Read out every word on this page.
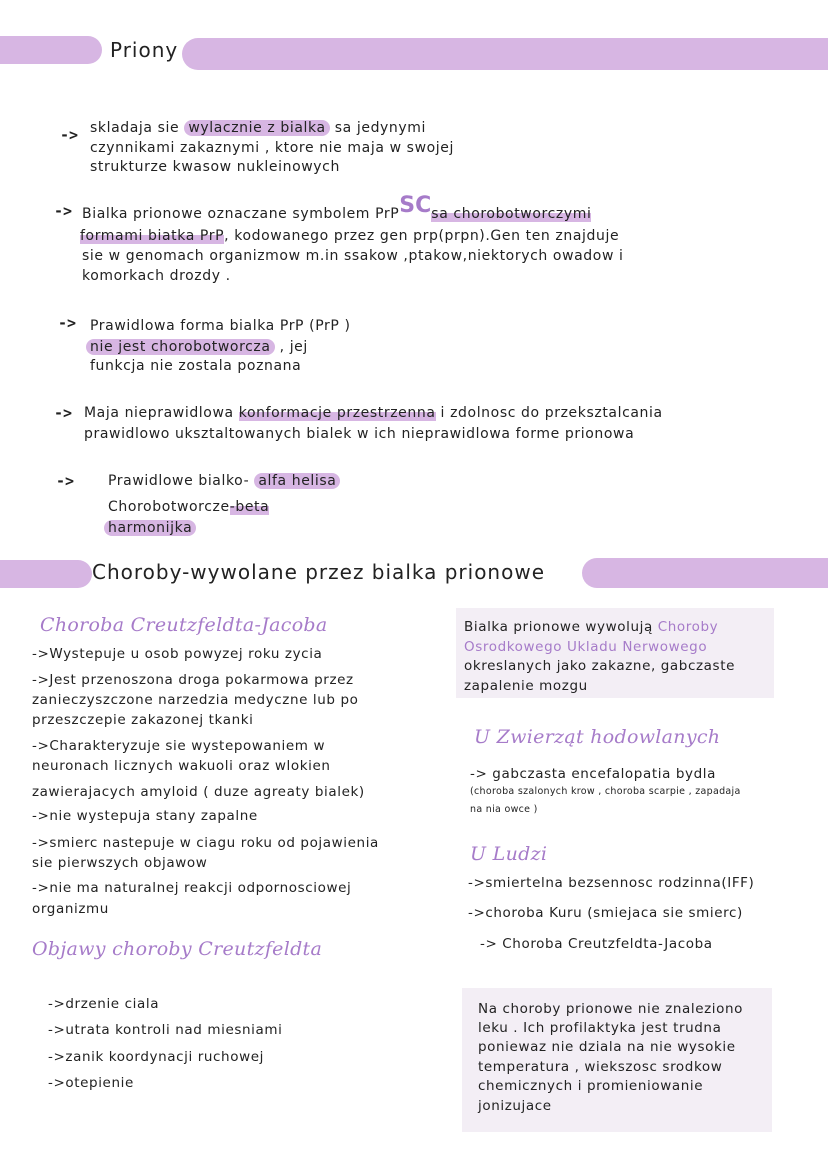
Priony
-> skladaja sie wylacznie z bialka sa jedynymi
czynnikami zakaznymi , ktore nie maja w swojej
strukturze kwasow nukleinowych
-> Bialka prionowe oznaczane symbolem PrPSCsa chorobotworczymi
formami biatka PrP, kodowanego przez gen prp(prpn).Gen ten znajduje
sie w genomach organizmow m.in ssakow ,ptakow,niektorych owadow i
komorkach drozdy .
-> Prawidlowa forma bialka PrP (PrP )
nie jest chorobotworcza , jej
funkcja nie zostala poznana
-> Maja nieprawidlowa konformacje przestrzenna i zdolnosc do przeksztalcania
prawidlowo uksztaltowanych bialek w ich nieprawidlowa forme prionowa
-> Prawidlowe bialko- alfa helisa
Chorobotworcze-beta
harmonijka
Choroby-wywolane przez bialka prionowe
Choroba Creutzfeldta-Jacoba
->Wystepuje u osob powyzej roku zycia
->Jest przenoszona droga pokarmowa przez
zanieczyszczone narzedzia medyczne lub po
przeszczepie zakazonej tkanki
->Charakteryzuje sie wystepowaniem w
neuronach licznych wakuoli oraz wlokien
zawierajacych amyloid ( duze agreaty bialek)
->nie wystepuja stany zapalne
->smierc nastepuje w ciagu roku od pojawienia
sie pierwszych objawow
->nie ma naturalnej reakcji odpornosciowej
organizmu
Objawy choroby Creutzfeldta
->drzenie ciala
->utrata kontroli nad miesniami
->zanik koordynacji ruchowej
->otepienie
Bialka prionowe wywolują Choroby
Osrodkowego Ukladu Nerwowego
okreslanych jako zakazne, gabczaste
zapalenie mozgu
U Zwierząt hodowlanych
-> gabczasta encefalopatia bydla
(choroba szalonych krow , choroba scarpie , zapadaja
na nia owce )
U Ludzi
->smiertelna bezsennosc rodzinna(IFF)
->choroba Kuru (smiejaca sie smierc)
-> Choroba Creutzfeldta-Jacoba
Na choroby prionowe nie znaleziono
leku . Ich profilaktyka jest trudna
poniewaz nie dziala na nie wysokie
temperatura , wiekszosc srodkow
chemicznych i promieniowanie
jonizujace
